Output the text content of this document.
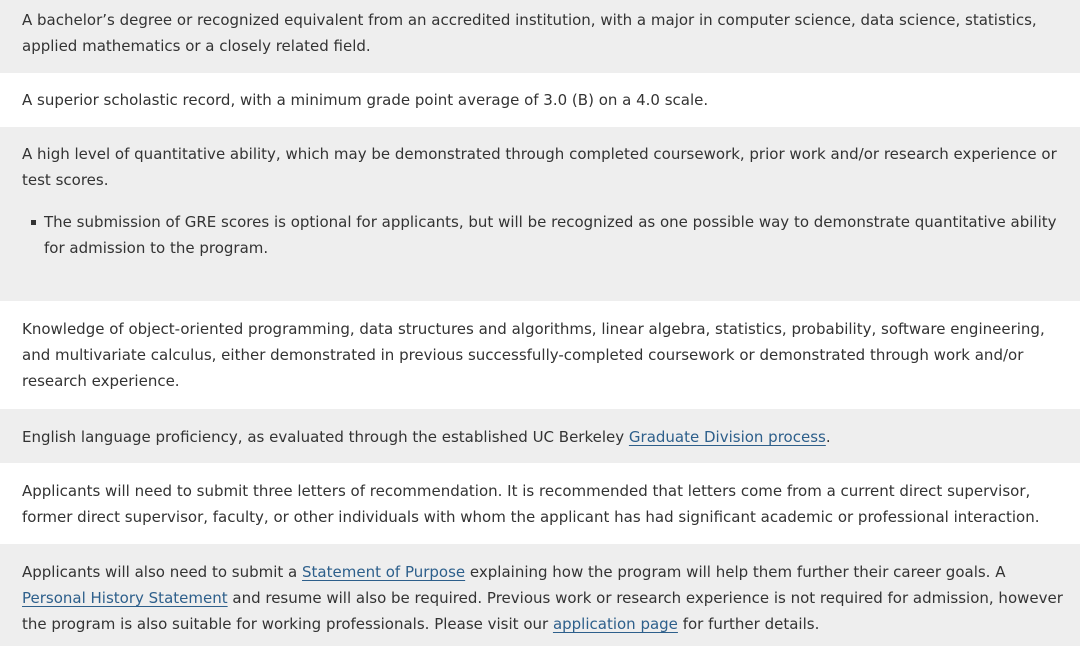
A bachelor’s degree or recognized equivalent from an accredited institution, with a major in computer science, data science, statistics, applied mathematics or a closely related field.

A superior scholastic record, with a minimum grade point average of 3.0 (B) on a 4.0 scale.

A high level of quantitative ability, which may be demonstrated through completed coursework, prior work and/or research experience or test scores.

The submission of GRE scores is optional for applicants, but will be recognized as one possible way to demonstrate quantitative ability for admission to the program.

Knowledge of object-oriented programming, data structures and algorithms, linear algebra, statistics, probability, software engineering, and multivariate calculus, either demonstrated in previous successfully-completed coursework or demonstrated through work and/or research experience.

English language proficiency, as evaluated through the established UC Berkeley Graduate Division process.

Applicants will need to submit three letters of recommendation. It is recommended that letters come from a current direct supervisor, former direct supervisor, faculty, or other individuals with whom the applicant has had significant academic or professional interaction.

Applicants will also need to submit a Statement of Purpose explaining how the program will help them further their career goals. A Personal History Statement and resume will also be required. Previous work or research experience is not required for admission, however the program is also suitable for working professionals. Please visit our application page for further details.
